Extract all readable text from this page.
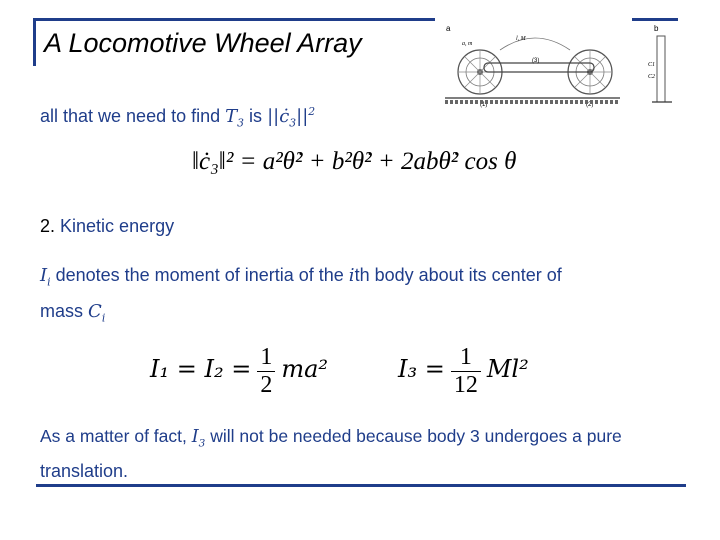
A Locomotive Wheel Array	a	b
a, m
l, M
(1)	(2)
(3)
C1
C2
all that we need to find $T_3$ is $||ċ_3||^2$
‖ċ₃‖² = a²θ̇² + b²θ̇² + 2abθ̇² cos θ
2. Kinetic energy
$I_i$ denotes the moment of inertia of the ith body about its center of
mass $C_i$
$I_1 = I_2 = \frac{1}{2} ma^2$	$I_3 = \frac{1}{12} Ml^2$
As a matter of fact, $I_3$ will not be needed because body 3 undergoes a pure
translation.
